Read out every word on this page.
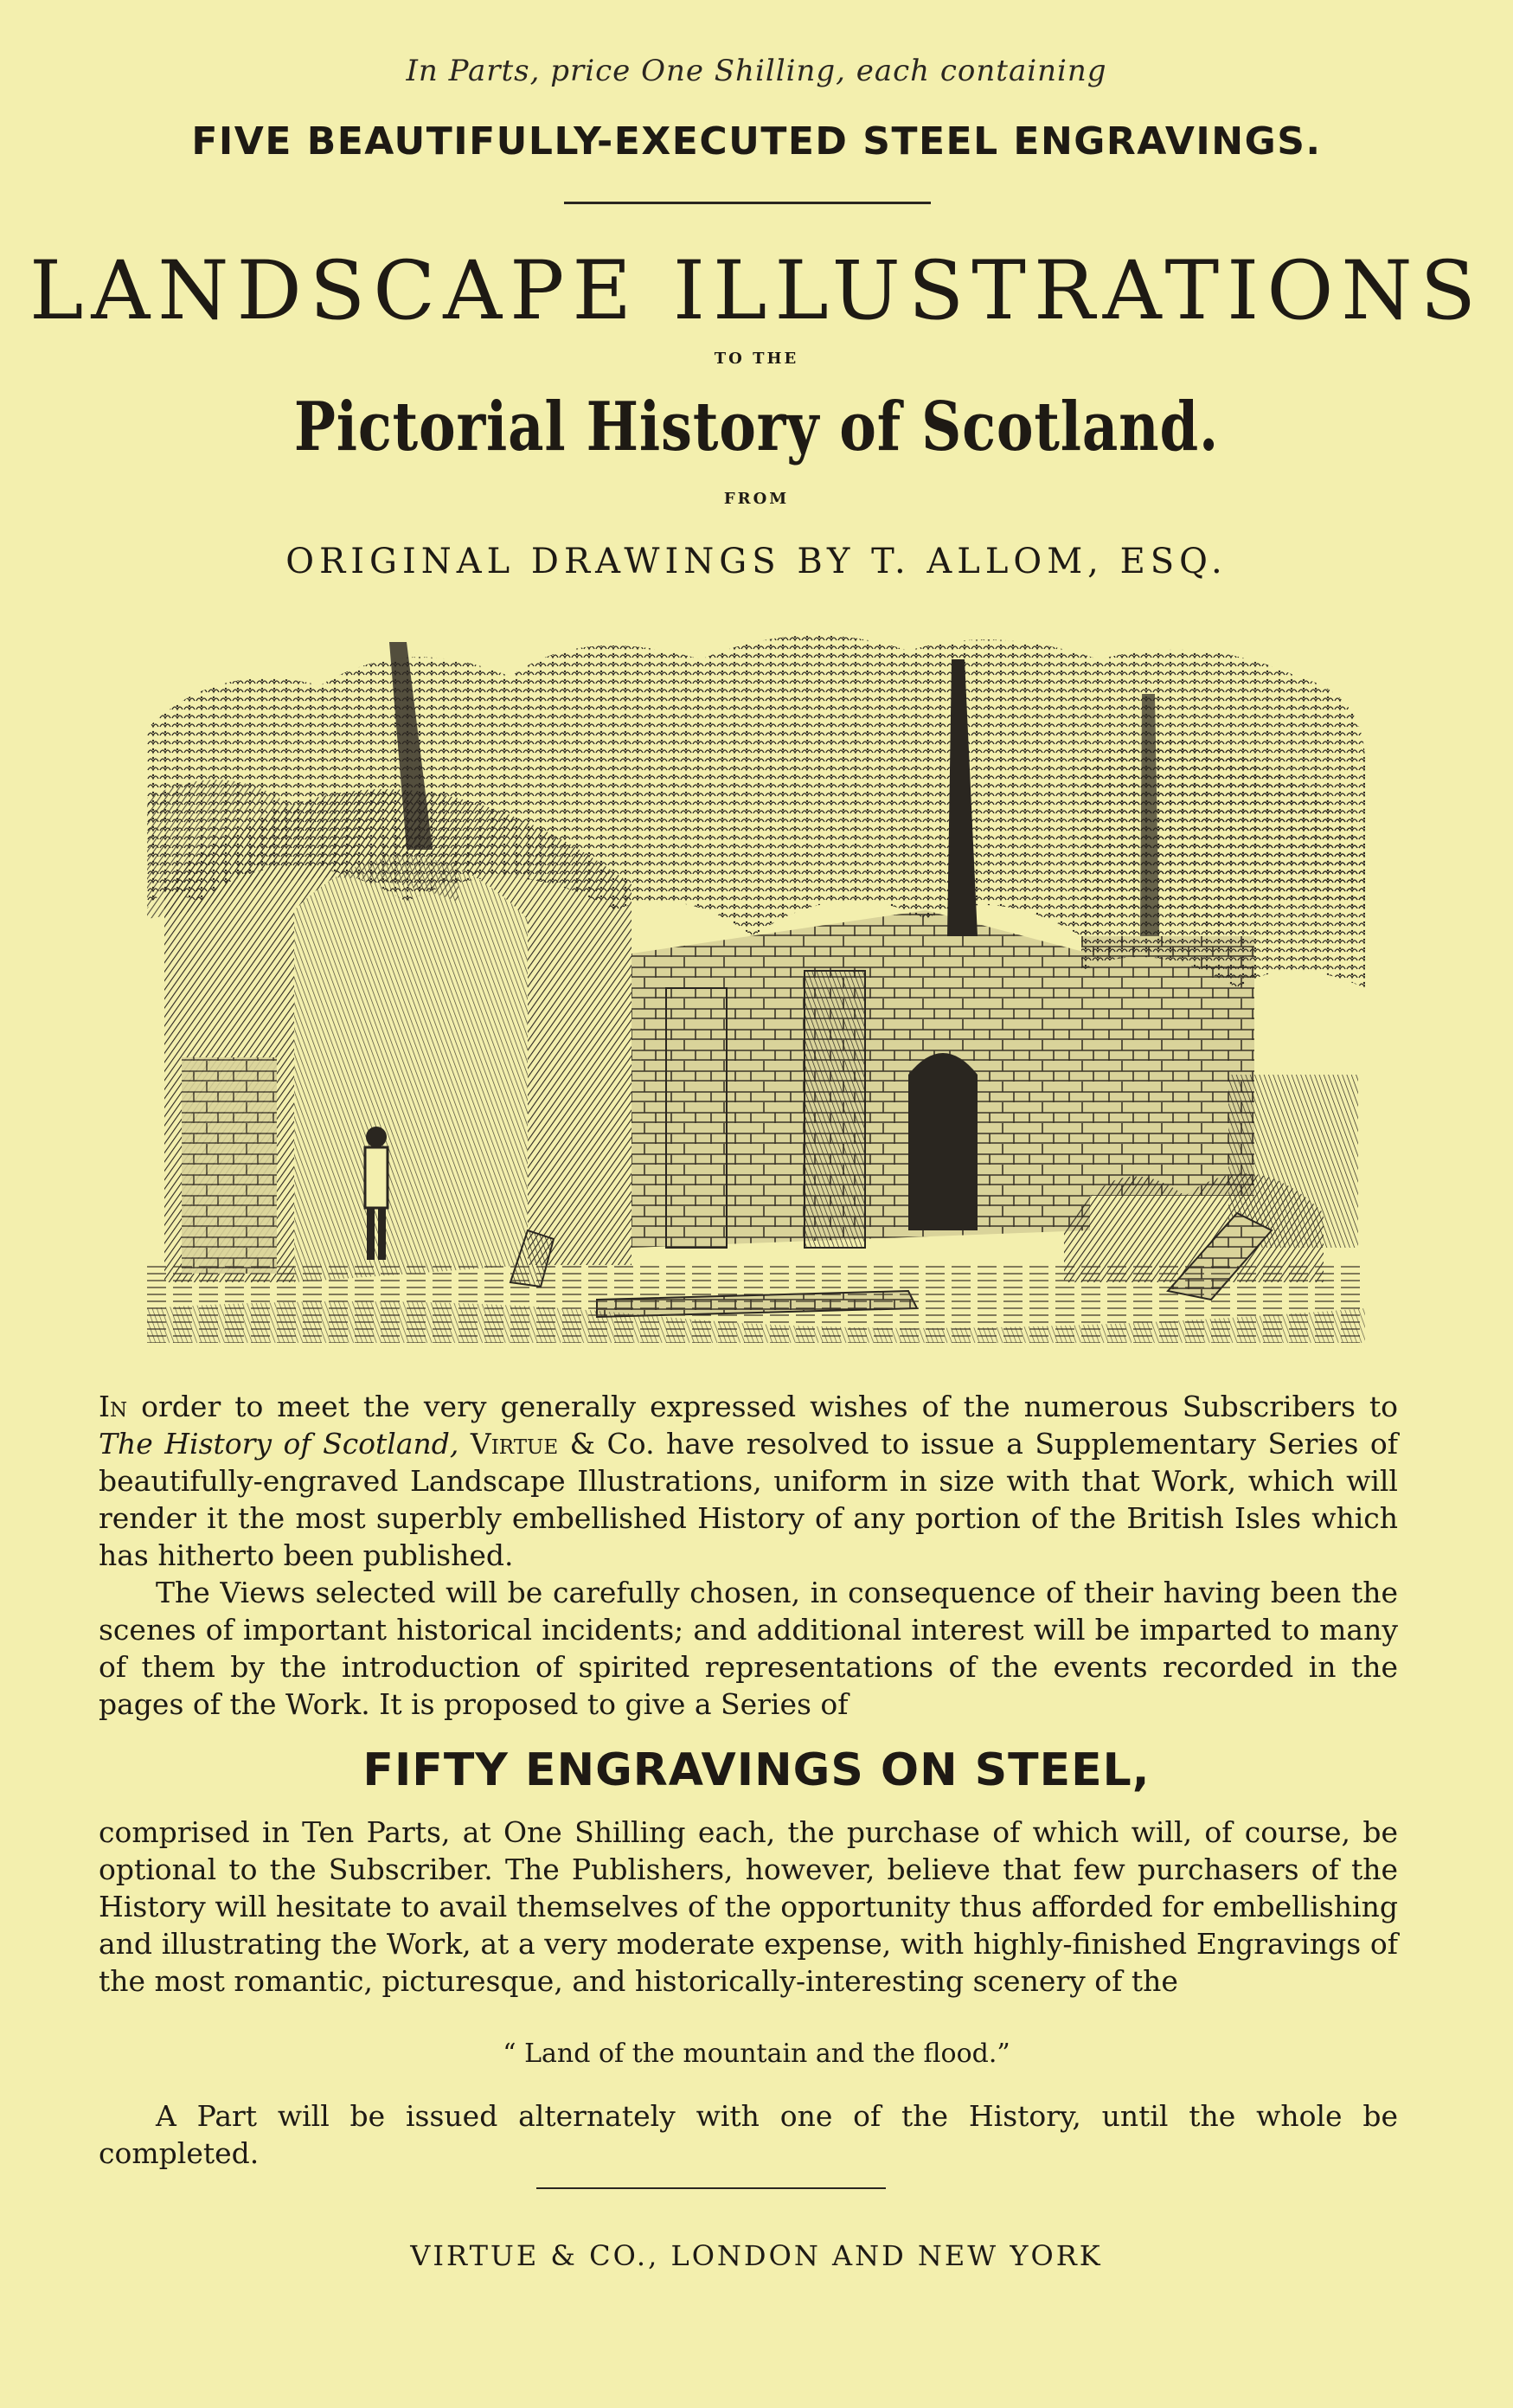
In Parts, price One Shilling, each containing
FIVE BEAUTIFULLY-EXECUTED STEEL ENGRAVINGS.
LANDSCAPE ILLUSTRATIONS
TO THE
Pictorial History of Scotland.
FROM
ORIGINAL DRAWINGS BY T. ALLOM, ESQ.

In order to meet the very generally expressed wishes of the numerous Subscribers to The History of Scotland, Virtue & Co. have resolved to issue a Supplementary Series of beautifully-engraved Landscape Illustrations, uniform in size with that Work, which will render it the most superbly embellished History of any portion of the British Isles which has hitherto been published.

The Views selected will be carefully chosen, in consequence of their having been the scenes of important historical incidents; and additional interest will be imparted to many of them by the introduction of spirited representations of the events recorded in the pages of the Work. It is proposed to give a Series of

FIFTY ENGRAVINGS ON STEEL,
comprised in Ten Parts, at One Shilling each, the purchase of which will, of course, be optional to the Subscriber. The Publishers, however, believe that few purchasers of the History will hesitate to avail themselves of the opportunity thus afforded for embellishing and illustrating the Work, at a very moderate expense, with highly-finished Engravings of the most romantic, picturesque, and historically-interesting scenery of the
“ Land of the mountain and the flood.”

A Part will be issued alternately with one of the History, until the whole be completed.

VIRTUE & CO., LONDON AND NEW YORK
